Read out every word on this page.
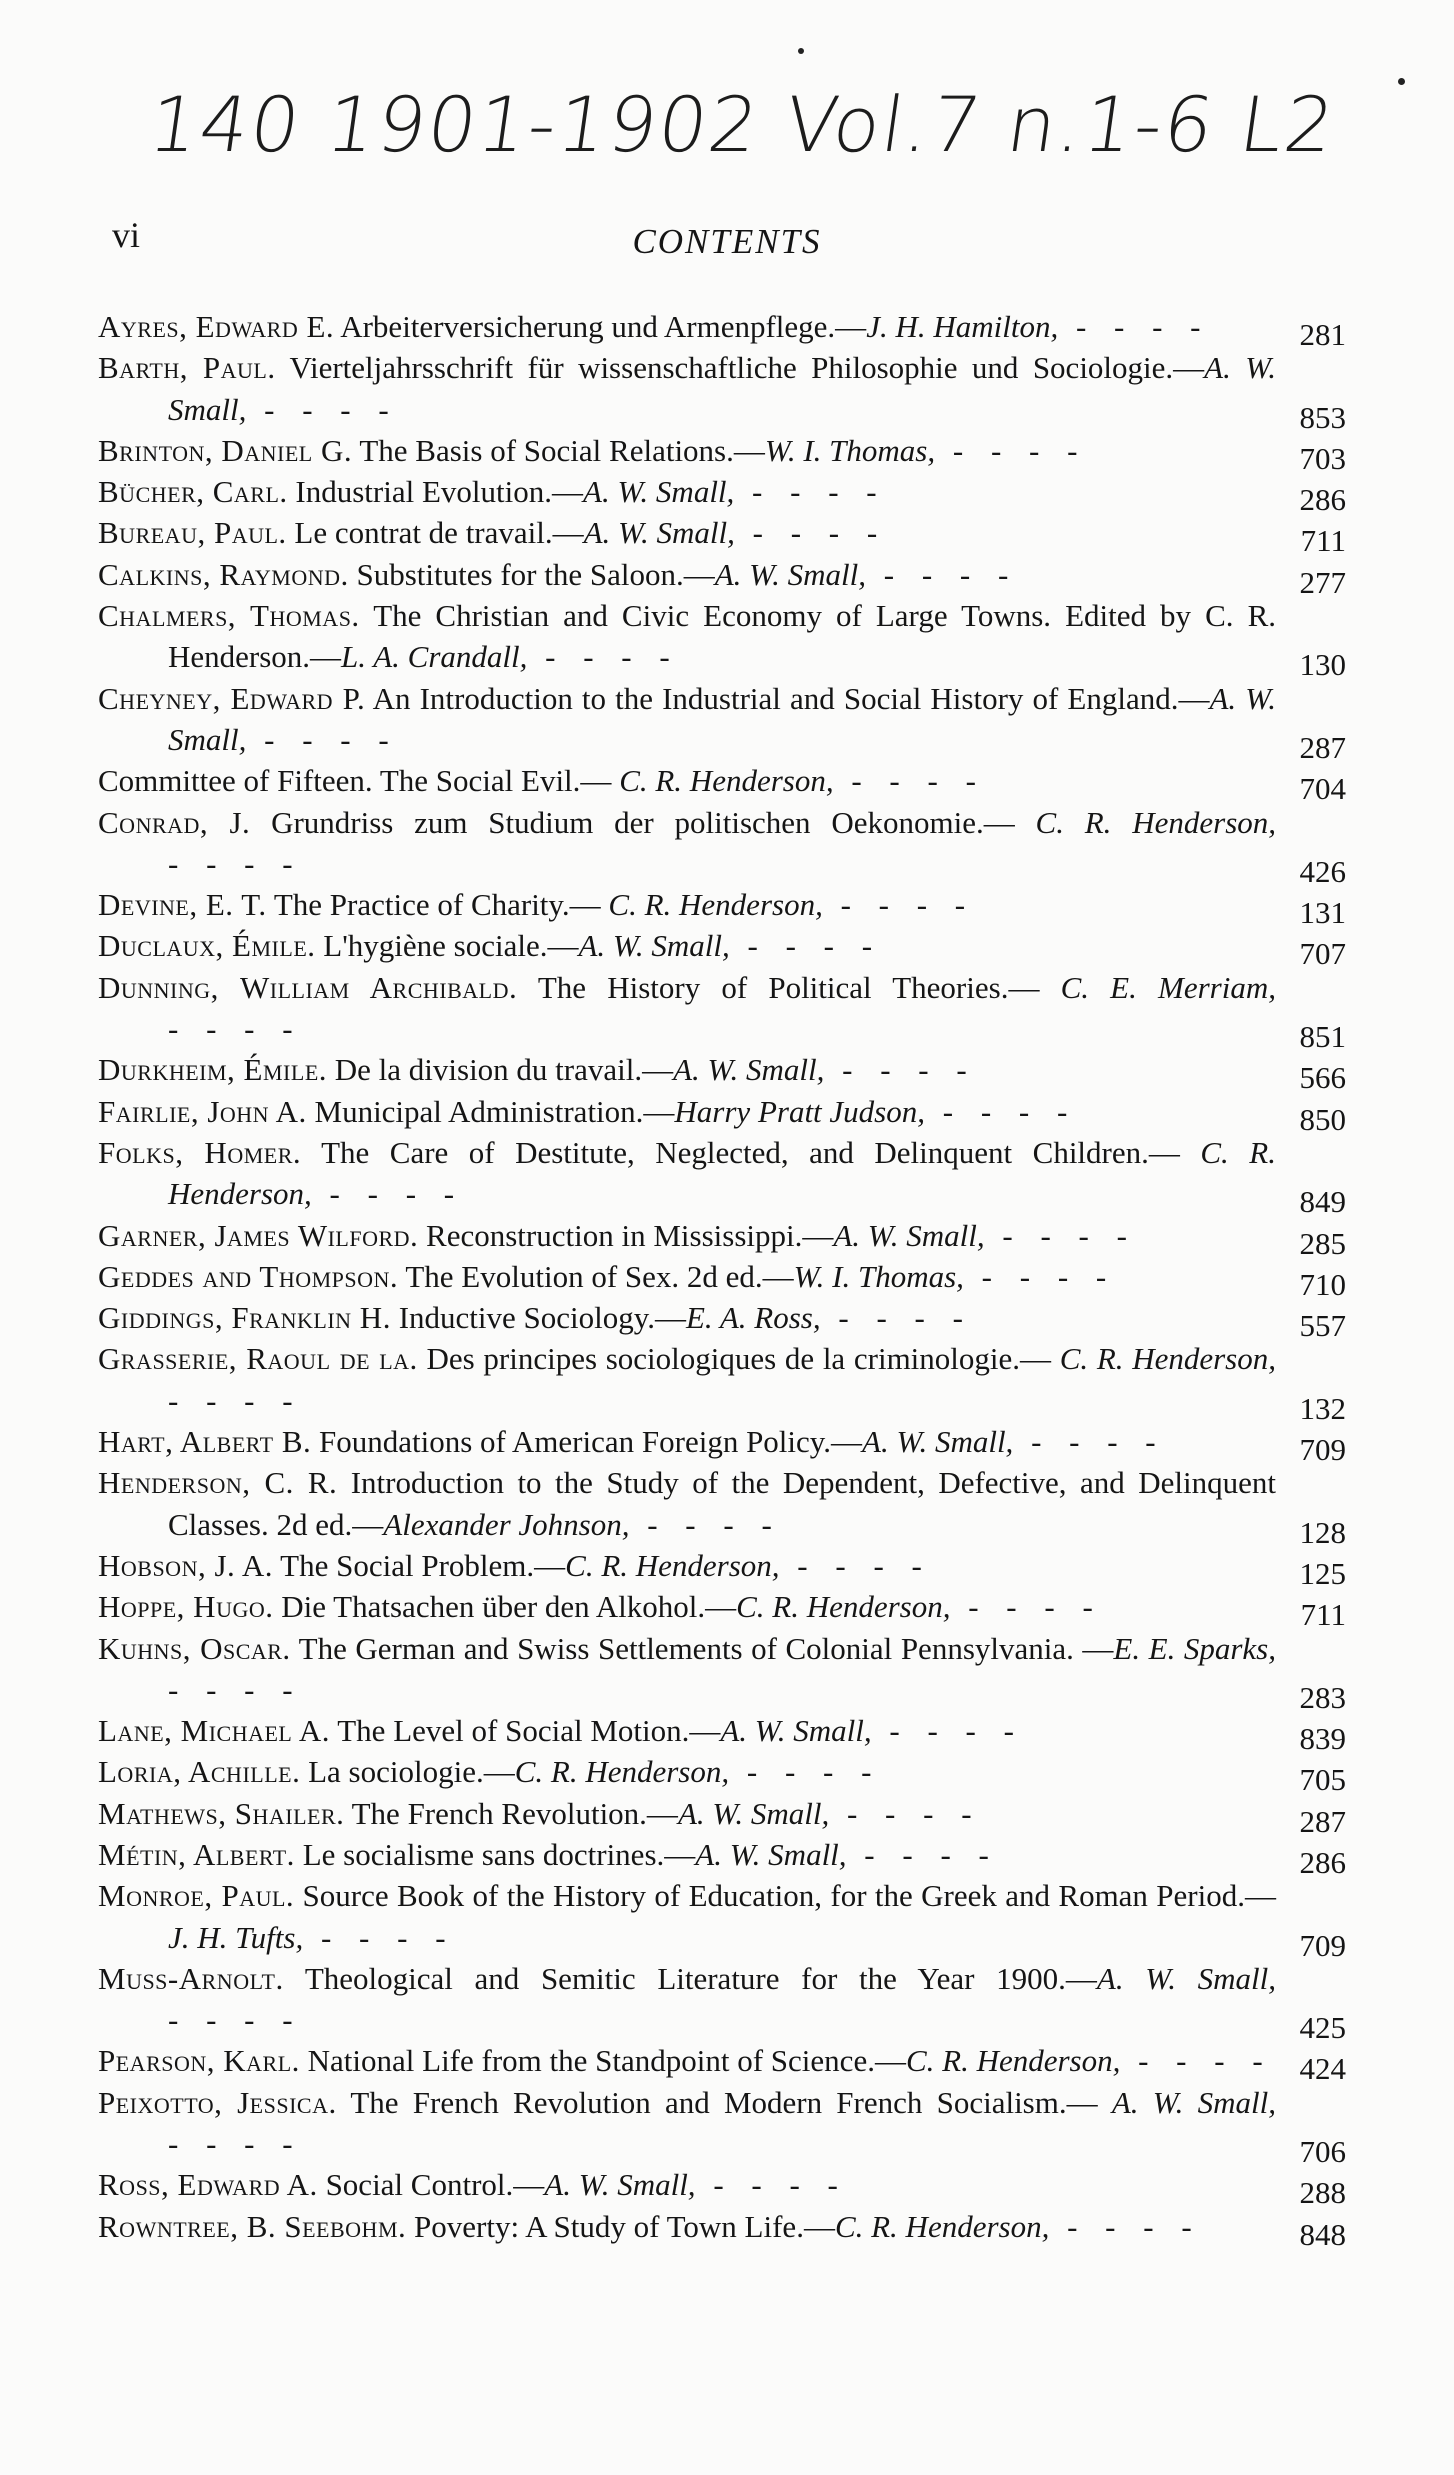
140 1901-1902 Vol.7 n.1-6 L2
vi	CONTENTS
Ayres, Edward E. Arbeiterversicherung und Armenpflege.—J. H. Hamilton, - - - -	281
Barth, Paul. Vierteljahrsschrift für wissenschaftliche Philosophie und Sociologie.—A. W. Small, - - - -	853
Brinton, Daniel G. The Basis of Social Relations.—W. I. Thomas, - - - -	703
Bücher, Carl. Industrial Evolution.—A. W. Small, - - - -	286
Bureau, Paul. Le contrat de travail.—A. W. Small, - - - -	711
Calkins, Raymond. Substitutes for the Saloon.—A. W. Small, - - - -	277
Chalmers, Thomas. The Christian and Civic Economy of Large Towns. Edited by C. R. Henderson.—L. A. Crandall, - - - -	130
Cheyney, Edward P. An Introduction to the Industrial and Social History of England.—A. W. Small, - - - -	287
Committee of Fifteen. The Social Evil.— C. R. Henderson, - - - -	704
Conrad, J. Grundriss zum Studium der politischen Oekonomie.— C. R. Henderson, - - - -	426
Devine, E. T. The Practice of Charity.— C. R. Henderson, - - - -	131
Duclaux, Émile. L'hygiène sociale.—A. W. Small, - - - -	707
Dunning, William Archibald. The History of Political Theories.— C. E. Merriam, - - - -	851
Durkheim, Émile. De la division du travail.—A. W. Small, - - - -	566
Fairlie, John A. Municipal Administration.—Harry Pratt Judson, - - - -	850
Folks, Homer. The Care of Destitute, Neglected, and Delinquent Children.— C. R. Henderson, - - - -	849
Garner, James Wilford. Reconstruction in Mississippi.—A. W. Small, - - - -	285
Geddes and Thompson. The Evolution of Sex. 2d ed.—W. I. Thomas, - - - -	710
Giddings, Franklin H. Inductive Sociology.—E. A. Ross, - - - -	557
Grasserie, Raoul de la. Des principes sociologiques de la criminologie.— C. R. Henderson, - - - -	132
Hart, Albert B. Foundations of American Foreign Policy.—A. W. Small, - - - -	709
Henderson, C. R. Introduction to the Study of the Dependent, Defective, and Delinquent Classes. 2d ed.—Alexander Johnson, - - - -	128
Hobson, J. A. The Social Problem.—C. R. Henderson, - - - -	125
Hoppe, Hugo. Die Thatsachen über den Alkohol.—C. R. Henderson, - - - -	711
Kuhns, Oscar. The German and Swiss Settlements of Colonial Pennsylvania. —E. E. Sparks, - - - -	283
Lane, Michael A. The Level of Social Motion.—A. W. Small, - - - -	839
Loria, Achille. La sociologie.—C. R. Henderson, - - - -	705
Mathews, Shailer. The French Revolution.—A. W. Small, - - - -	287
Métin, Albert. Le socialisme sans doctrines.—A. W. Small, - - - -	286
Monroe, Paul. Source Book of the History of Education, for the Greek and Roman Period.—J. H. Tufts, - - - -	709
Muss-Arnolt. Theological and Semitic Literature for the Year 1900.—A. W. Small, - - - -	425
Pearson, Karl. National Life from the Standpoint of Science.—C. R. Henderson, - - - - 424
Peixotto, Jessica. The French Revolution and Modern French Socialism.— A. W. Small, - - - -	706
Ross, Edward A. Social Control.—A. W. Small, - - - -	288
Rowntree, B. Seebohm. Poverty: A Study of Town Life.—C. R. Henderson, - - - -	848
